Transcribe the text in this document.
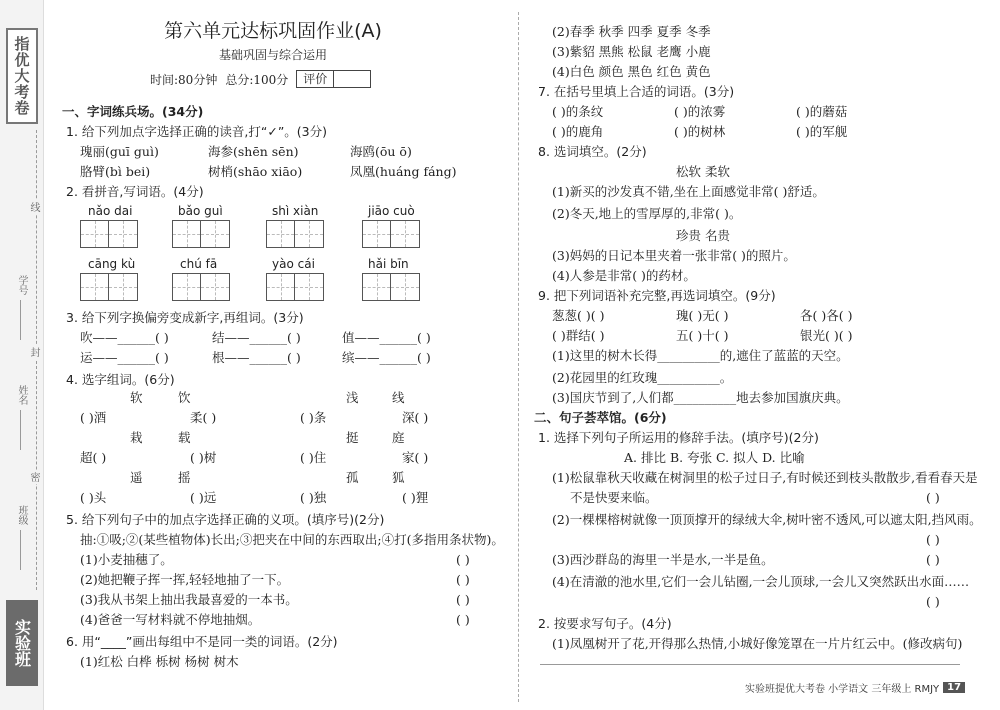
指优大考卷
线
学号
封
姓名
密
班级
实验班
第六单元达标巩固作业(A)
基础巩固与综合运用
时间:80分钟 总分:100分	评价
一、字词练兵场。(34分)
1. 给下列加点字选择正确的读音,打“✓”。(3分)
瑰丽(guī guì)	海参(shēn sēn)	海鸥(ōu ō)
胳臂(bì bei)	树梢(shāo xiāo)	凤凰(huáng fáng)
2. 看拼音,写词语。(4分)
nǎo dai	bǎo guì	shì xiàn	jiāo cuò
cāng kù	chú fā	yào cái	hǎi bīn
3. 给下列字换偏旁变成新字,再组词。(3分)
吹——______( )	结——______( )	值——______( )
运——______( )	根——______( )	缤——______( )
4. 选字组词。(6分)
软	饮	浅	线
( )酒	柔( )	( )条	深( )
栽	载	挺	庭
超( )	( )树	( )住	家( )
遥	摇	孤	狐
( )头	( )远	( )独	( )狸
5. 给下列句子中的加点字选择正确的义项。(填序号)(2分)
抽:①吸;②(某些植物体)长出;③把夹在中间的东西取出;④打(多指用条状物)。
(1)小麦抽穗了。	( )
(2)她把鞭子挥一挥,轻轻地抽了一下。	( )
(3)我从书架上抽出我最喜爱的一本书。	( )
(4)爸爸一写材料就不停地抽烟。	( )
6. 用“____”画出每组中不是同一类的词语。(2分)
(1)红松 白桦 栎树 杨树 树木
(2)春季 秋季 四季 夏季 冬季
(3)紫貂 黑熊 松鼠 老鹰 小鹿
(4)白色 颜色 黑色 红色 黄色
7. 在括号里填上合适的词语。(3分)
( )的条纹	( )的浓雾	( )的蘑菇
( )的鹿角	( )的树林	( )的军舰
8. 选词填空。(2分)
松软 柔软
(1)新买的沙发真不错,坐在上面感觉非常( )舒适。
(2)冬天,地上的雪厚厚的,非常( )。
珍贵 名贵
(3)妈妈的日记本里夹着一张非常( )的照片。
(4)人参是非常( )的药材。
9. 把下列词语补充完整,再选词填空。(9分)
葱葱( )( )	瑰( )无( )	各( )各( )
( )群结( )	五( )十( )	银光( )( )
(1)这里的树木长得__________的,遮住了蓝蓝的天空。
(2)花园里的红玫瑰__________。
(3)国庆节到了,人们都__________地去参加国旗庆典。
二、句子荟萃馆。(6分)
1. 选择下列句子所运用的修辞手法。(填序号)(2分)
A. 排比 B. 夸张 C. 拟人 D. 比喻
(1)松鼠靠秋天收藏在树洞里的松子过日子,有时候还到枝头散散步,看看春天是
不是快要来临。	( )
(2)一棵棵榕树就像一顶顶撑开的绿绒大伞,树叶密不透风,可以遮太阳,挡风雨。
( )
(3)西沙群岛的海里一半是水,一半是鱼。	( )
(4)在清澈的池水里,它们一会儿钻圈,一会儿顶球,一会儿又突然跃出水面……
( )
2. 按要求写句子。(4分)
(1)凤凰树开了花,开得那么热情,小城好像笼罩在一片片红云中。(修改病句)
实验班提优大考卷 小学语文 三年级上 RMJY 17
